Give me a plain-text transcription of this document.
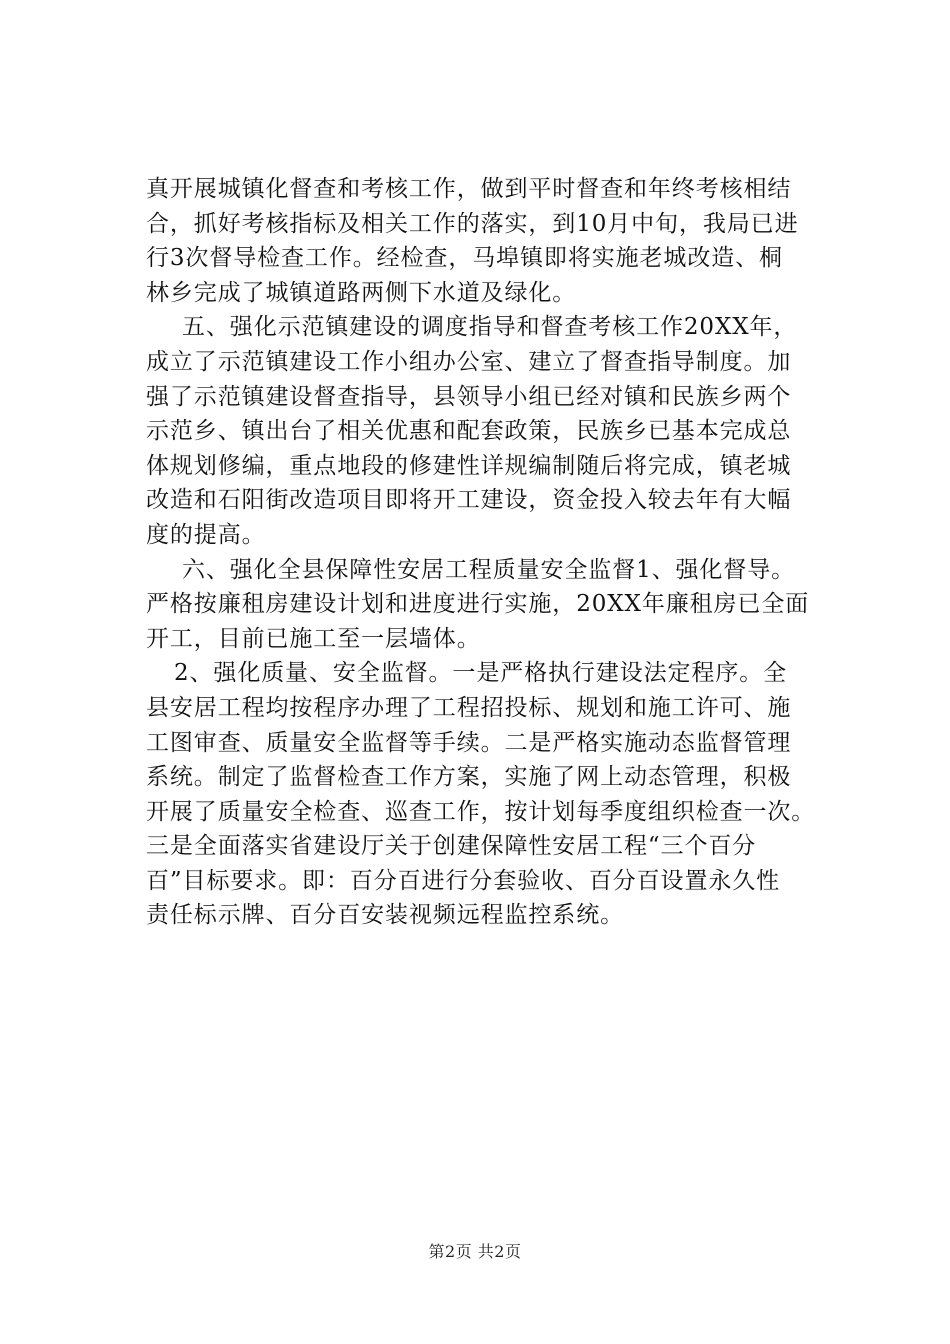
真开展城镇化督查和考核工作，做到平时督查和年终考核相结
合，抓好考核指标及相关工作的落实，到10月中旬，我局已进
行3次督导检查工作。经检查，马埠镇即将实施老城改造、桐
林乡完成了城镇道路两侧下水道及绿化。
五、强化示范镇建设的调度指导和督查考核工作20XX年，
成立了示范镇建设工作小组办公室、建立了督查指导制度。加
强了示范镇建设督查指导，县领导小组已经对镇和民族乡两个
示范乡、镇出台了相关优惠和配套政策，民族乡已基本完成总
体规划修编，重点地段的修建性详规编制随后将完成，镇老城
改造和石阳街改造项目即将开工建设，资金投入较去年有大幅
度的提高。
六、强化全县保障性安居工程质量安全监督1、强化督导。
严格按廉租房建设计划和进度进行实施，20XX年廉租房已全面
开工，目前已施工至一层墙体。
2、强化质量、安全监督。一是严格执行建设法定程序。全
县安居工程均按程序办理了工程招投标、规划和施工许可、施
工图审查、质量安全监督等手续。二是严格实施动态监督管理
系统。制定了监督检查工作方案，实施了网上动态管理，积极
开展了质量安全检查、巡查工作，按计划每季度组织检查一次。
三是全面落实省建设厅关于创建保障性安居工程“三个百分
百”目标要求。即：百分百进行分套验收、百分百设置永久性
责任标示牌、百分百安装视频远程监控系统。
第2页 共2页
